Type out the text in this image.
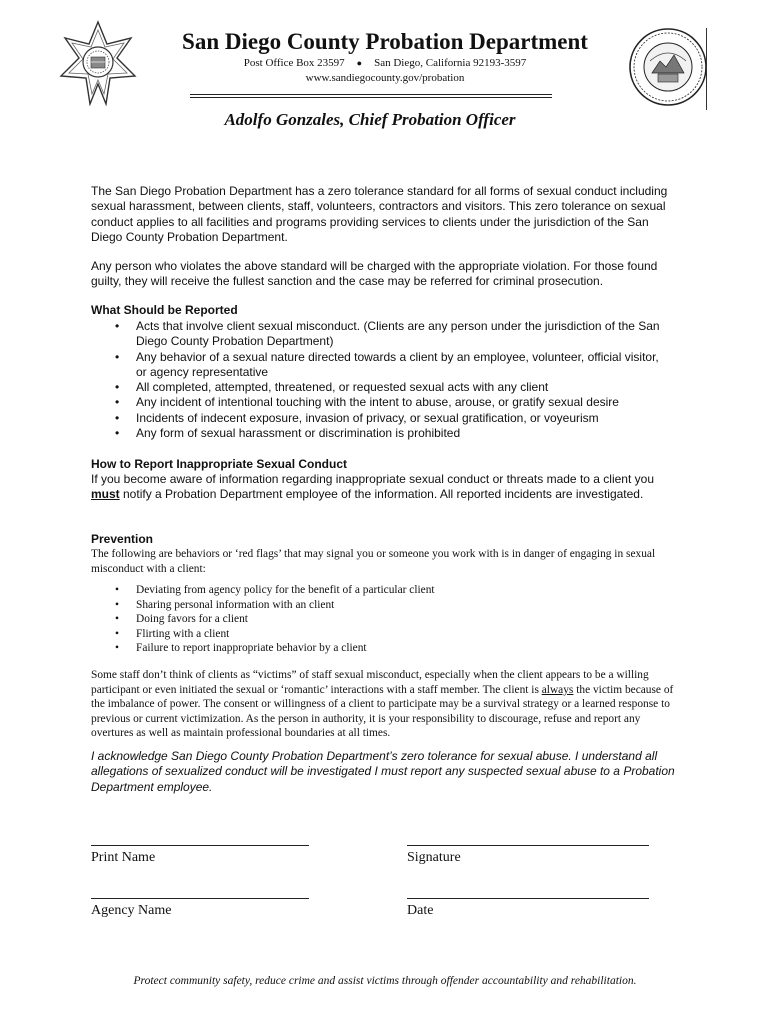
San Diego County Probation Department
Post Office Box 23597 ● San Diego, California 92193-3597
www.sandiegocounty.gov/probation
Adolfo Gonzales, Chief Probation Officer
The San Diego Probation Department has a zero tolerance standard for all forms of sexual conduct including sexual harassment, between clients, staff, volunteers, contractors and visitors. This zero tolerance on sexual conduct applies to all facilities and programs providing services to clients under the jurisdiction of the San Diego County Probation Department.
Any person who violates the above standard will be charged with the appropriate violation. For those found guilty, they will receive the fullest sanction and the case may be referred for criminal prosecution.
What Should be Reported
• Acts that involve client sexual misconduct. (Clients are any person under the jurisdiction of the San Diego County Probation Department)
• Any behavior of a sexual nature directed towards a client by an employee, volunteer, official visitor, or agency representative
• All completed, attempted, threatened, or requested sexual acts with any client
• Any incident of intentional touching with the intent to abuse, arouse, or gratify sexual desire
• Incidents of indecent exposure, invasion of privacy, or sexual gratification, or voyeurism
• Any form of sexual harassment or discrimination is prohibited
How to Report Inappropriate Sexual Conduct
If you become aware of information regarding inappropriate sexual conduct or threats made to a client you must notify a Probation Department employee of the information. All reported incidents are investigated.
Prevention
The following are behaviors or ‘red flags’ that may signal you or someone you work with is in danger of engaging in sexual misconduct with a client:
• Deviating from agency policy for the benefit of a particular client
• Sharing personal information with an client
• Doing favors for a client
• Flirting with a client
• Failure to report inappropriate behavior by a client
Some staff don’t think of clients as “victims” of staff sexual misconduct, especially when the client appears to be a willing participant or even initiated the sexual or ‘romantic’ interactions with a staff member. The client is always the victim because of the imbalance of power. The consent or willingness of a client to participate may be a survival strategy or a learned response to previous or current victimization. As the person in authority, it is your responsibility to discourage, refuse and report any overtures as well as maintain professional boundaries at all times.
I acknowledge San Diego County Probation Department’s zero tolerance for sexual abuse. I understand all allegations of sexualized conduct will be investigated I must report any suspected sexual abuse to a Probation Department employee.
Print Name	Signature
Agency Name	Date
Protect community safety, reduce crime and assist victims through offender accountability and rehabilitation.
